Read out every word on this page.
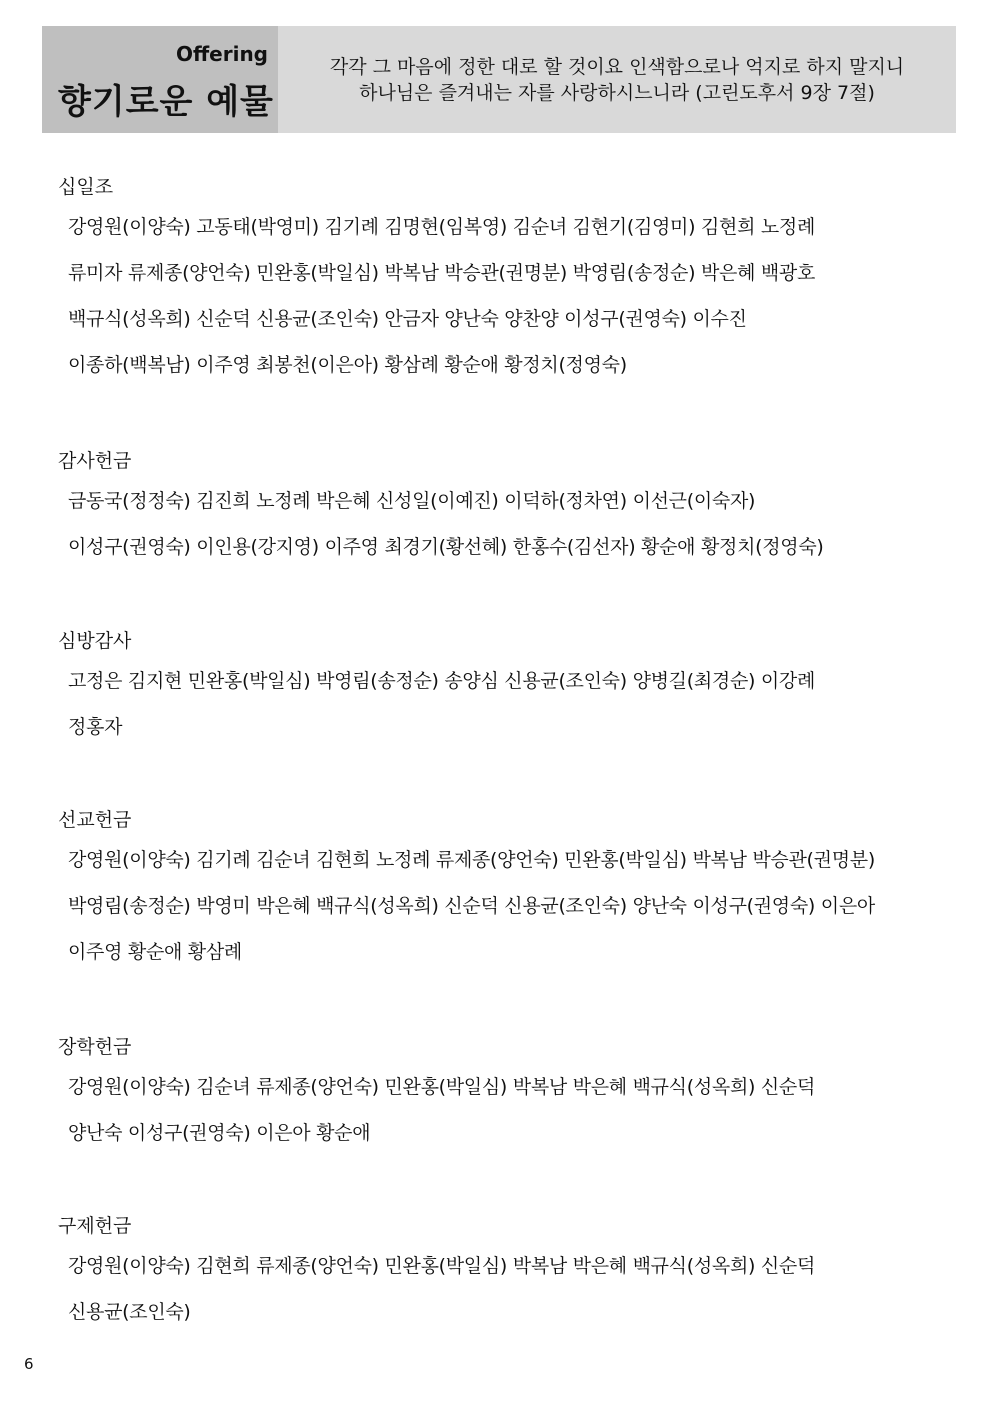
Offering
향기로운 예물
각각 그 마음에 정한 대로 할 것이요 인색함으로나 억지로 하지 말지니
하나님은 즐겨내는 자를 사랑하시느니라 (고린도후서 9장 7절)
십일조
강영원(이양숙) 고동태(박영미) 김기례 김명현(임복영) 김순녀 김현기(김영미) 김현희 노정례
류미자 류제종(양언숙) 민완홍(박일심) 박복남 박승관(권명분) 박영림(송정순) 박은혜 백광호
백규식(성옥희) 신순덕 신용균(조인숙) 안금자 양난숙 양찬양 이성구(권영숙) 이수진
이종하(백복남) 이주영 최봉천(이은아) 황삼례 황순애 황정치(정영숙)
감사헌금
금동국(정정숙) 김진희 노정례 박은혜 신성일(이예진) 이덕하(정차연) 이선근(이숙자)
이성구(권영숙) 이인용(강지영) 이주영 최경기(황선혜) 한홍수(김선자) 황순애 황정치(정영숙)
심방감사
고정은 김지현 민완홍(박일심) 박영림(송정순) 송양심 신용균(조인숙) 양병길(최경순) 이강례
정홍자
선교헌금
강영원(이양숙) 김기례 김순녀 김현희 노정례 류제종(양언숙) 민완홍(박일심) 박복남 박승관(권명분)
박영림(송정순) 박영미 박은혜 백규식(성옥희) 신순덕 신용균(조인숙) 양난숙 이성구(권영숙) 이은아
이주영 황순애 황삼례
장학헌금
강영원(이양숙) 김순녀 류제종(양언숙) 민완홍(박일심) 박복남 박은혜 백규식(성옥희) 신순덕
양난숙 이성구(권영숙) 이은아 황순애
구제헌금
강영원(이양숙) 김현희 류제종(양언숙) 민완홍(박일심) 박복남 박은혜 백규식(성옥희) 신순덕
신용균(조인숙)
6
